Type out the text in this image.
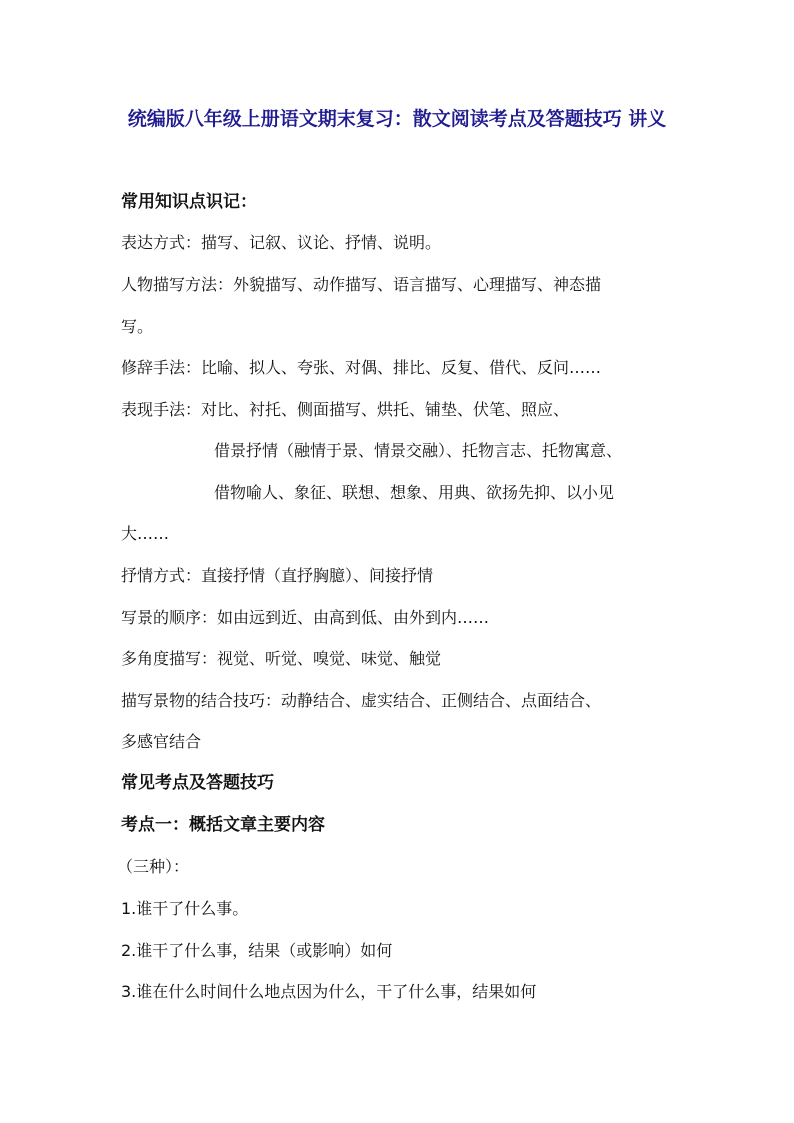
统编版八年级上册语文期末复习：散文阅读考点及答题技巧 讲义
常用知识点识记：
表达方式：描写、记叙、议论、抒情、说明。
人物描写方法：外貌描写、动作描写、语言描写、心理描写、神态描
写。
修辞手法：比喻、拟人、夸张、对偶、排比、反复、借代、反问……
表现手法：对比、衬托、侧面描写、烘托、铺垫、伏笔、照应、
借景抒情（融情于景、情景交融）、托物言志、托物寓意、
借物喻人、象征、联想、想象、用典、欲扬先抑、以小见
大……
抒情方式：直接抒情（直抒胸臆）、间接抒情
写景的顺序：如由远到近、由高到低、由外到内……
多角度描写：视觉、听觉、嗅觉、味觉、触觉
描写景物的结合技巧：动静结合、虚实结合、正侧结合、点面结合、
多感官结合
常见考点及答题技巧
考点一：概括文章主要内容
（三种）：
1.谁干了什么事。
2.谁干了什么事，结果（或影响）如何
3.谁在什么时间什么地点因为什么，干了什么事，结果如何
